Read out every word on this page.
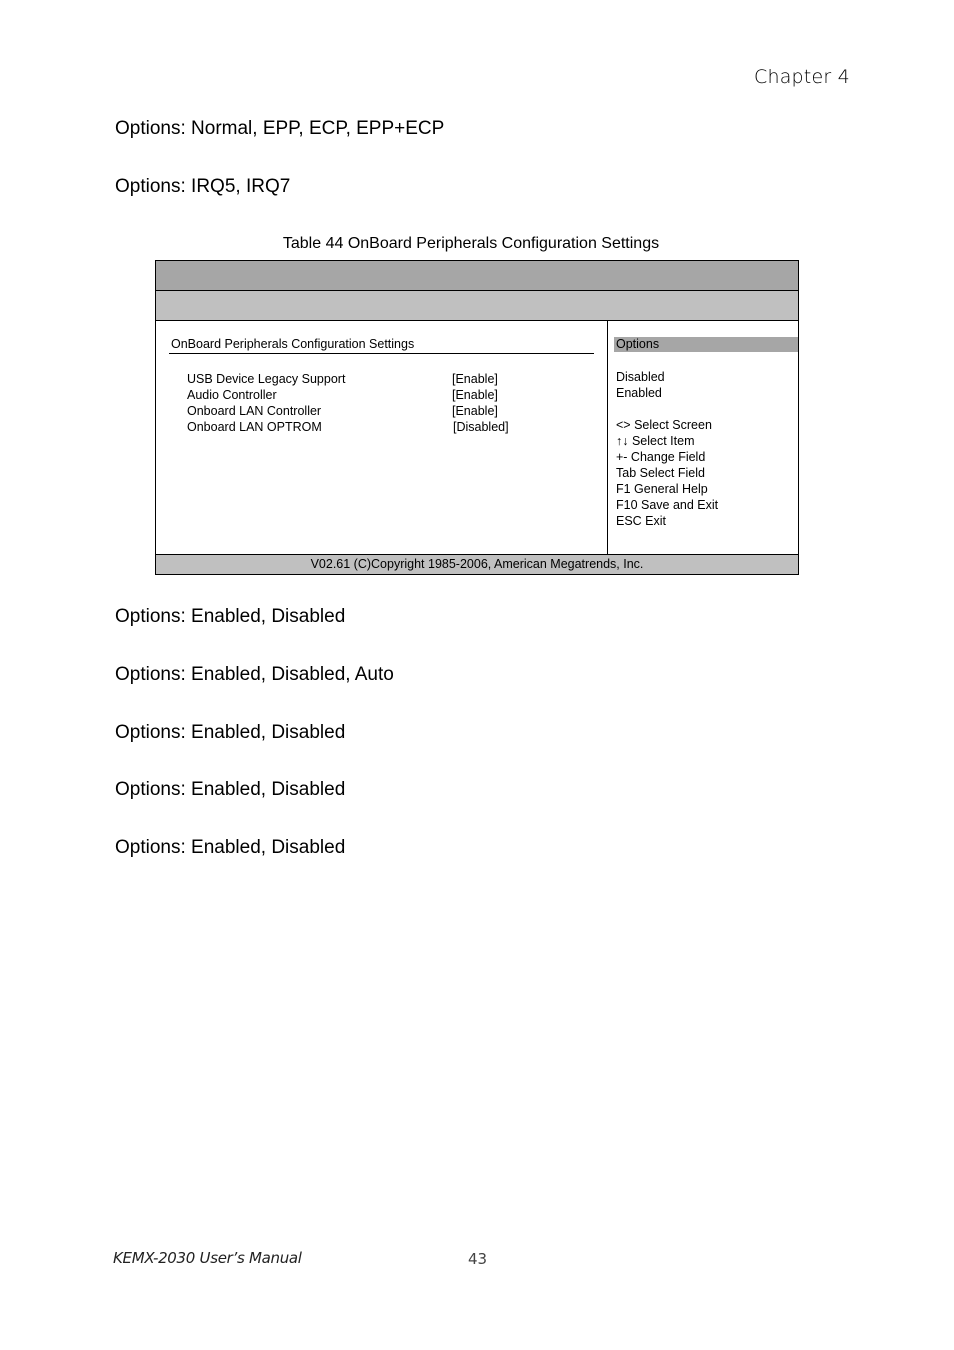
Chapter 4
Options: Normal, EPP, ECP, EPP+ECP
Options: IRQ5, IRQ7
Table 44 OnBoard Peripherals Configuration Settings
OnBoard Peripherals Configuration Settings
USB Device Legacy Support	[Enable]
Audio Controller	[Enable]
Onboard LAN Controller	[Enable]
Onboard LAN OPTROM	[Disabled]
Options
Disabled
Enabled
<> Select Screen
↑↓ Select Item
+- Change Field
Tab Select Field
F1 General Help
F10 Save and Exit
ESC Exit
V02.61 (C)Copyright 1985-2006, American Megatrends, Inc.
Options: Enabled, Disabled
Options: Enabled, Disabled, Auto
Options: Enabled, Disabled
Options: Enabled, Disabled
Options: Enabled, Disabled
KEMX-2030 User’s Manual	43
